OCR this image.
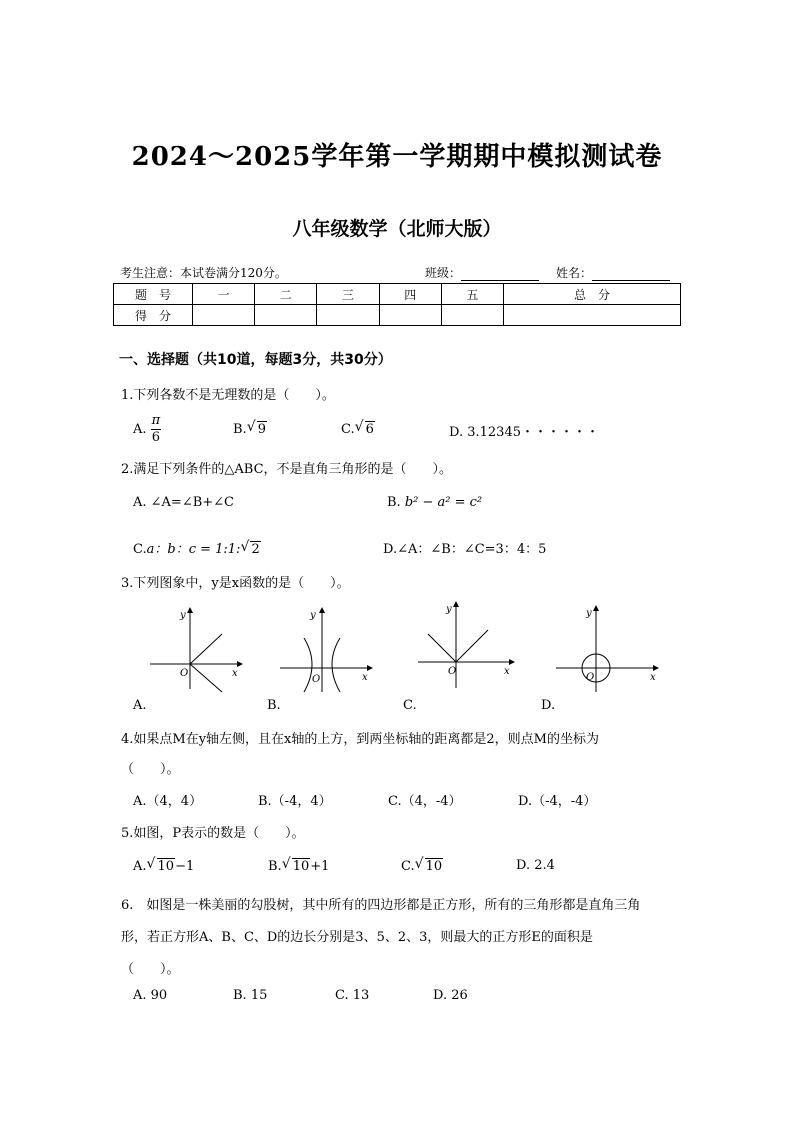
2024～2025学年第一学期期中模拟测试卷
八年级数学（北师大版）
考生注意：本试卷满分120分。	班级：	姓名：
题　号	一	二	三	四	五	总　分
得　分						
一、选择题（共10道，每题3分，共30分）
1.下列各数不是无理数的是（　　）。
A. $\frac{\pi}{6}$	B. √ 9	C. √ 6	D. 3.12345・・・・・・
2.满足下列条件的△ABC，不是直角三角形的是（　　）。
A. ∠A=∠B+∠C	B. b² − a² = c²
C.a：b：c = 1:1: √ 2	D.∠A：∠B：∠C=3：4：5
3.下列图象中，y是x函数的是（　　）。
y
x
O
A.
y
x
O
B.
y
x
O
C.
y
x
O
D.
4.如果点M在y轴左侧，且在x轴的上方，到两坐标轴的距离都是2，则点M的坐标为
（　　）。
A.（4，4）	B.（-4，4）	C.（4，-4）	D.（-4，-4）
5.如图，P表示的数是（　　）。
A. √ 10−1	B. √ 10+1	C. √ 10	D. 2.4
6.　如图是一株美丽的勾股树，其中所有的四边形都是正方形，所有的三角形都是直角三角
形，若正方形A、B、C、D的边长分别是3、5、2、3，则最大的正方形E的面积是
（　　）。
A. 90	B. 15	C. 13	D. 26
